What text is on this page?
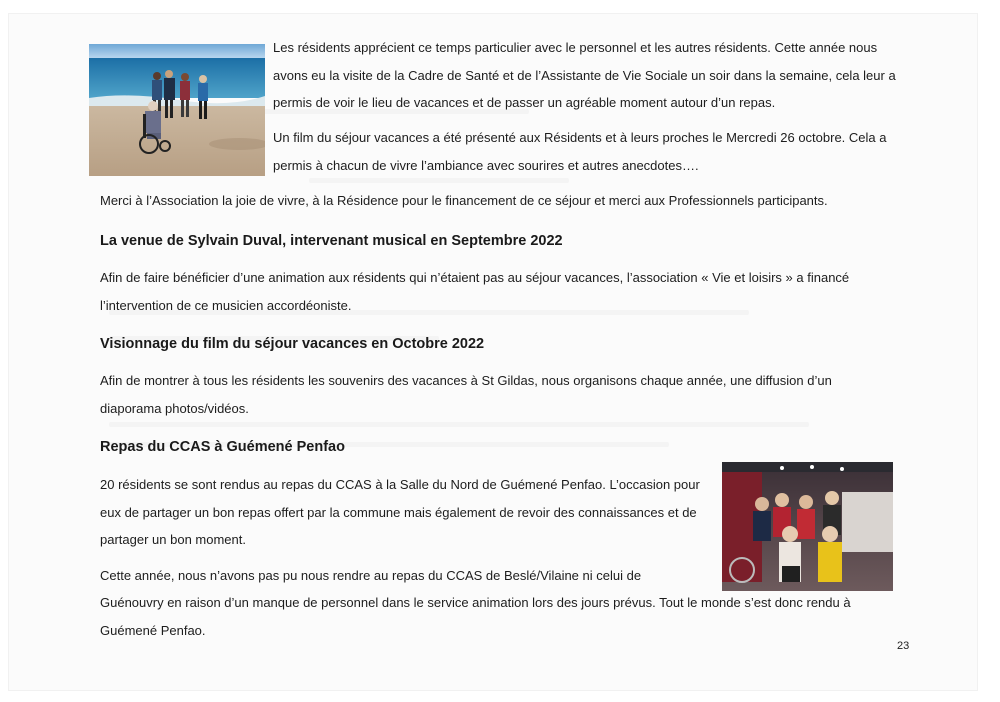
Les résidents apprécient ce temps particulier avec le personnel et les autres résidents. Cette année nous avons eu la visite de la Cadre de Santé et de l’Assistante de Vie Sociale un soir dans la semaine, cela leur a permis de voir le lieu de vacances et de passer un agréable moment autour d’un repas.

Un film du séjour vacances a été présenté aux Résidents et à leurs proches le Mercredi 26 octobre. Cela a permis à chacun de vivre l’ambiance avec sourires et autres anecdotes….

Merci à l’Association la joie de vivre, à la Résidence pour le financement de ce séjour et merci aux Professionnels participants.

La venue de Sylvain Duval, intervenant musical en Septembre 2022

Afin de faire bénéficier d’une animation aux résidents qui n’étaient pas au séjour vacances, l’association « Vie et loisirs » a financé l’intervention de ce musicien accordéoniste.

Visionnage du film du séjour vacances en Octobre 2022

Afin de montrer à tous les résidents les souvenirs des vacances à St Gildas, nous organisons chaque année, une diffusion d’un diaporama photos/vidéos.

Repas du CCAS à Guémené Penfao

20 résidents se sont rendus au repas du CCAS à la Salle du Nord de Guémené Penfao. L’occasion pour eux de partager un bon repas offert par la commune mais également de revoir des connaissances et de partager un bon moment.

Cette année, nous n’avons pas pu nous rendre au repas du CCAS de Beslé/Vilaine ni celui de

Guénouvry en raison d’un manque de personnel dans le service animation lors des jours prévus. Tout le monde s’est donc rendu à Guémené Penfao.

23
